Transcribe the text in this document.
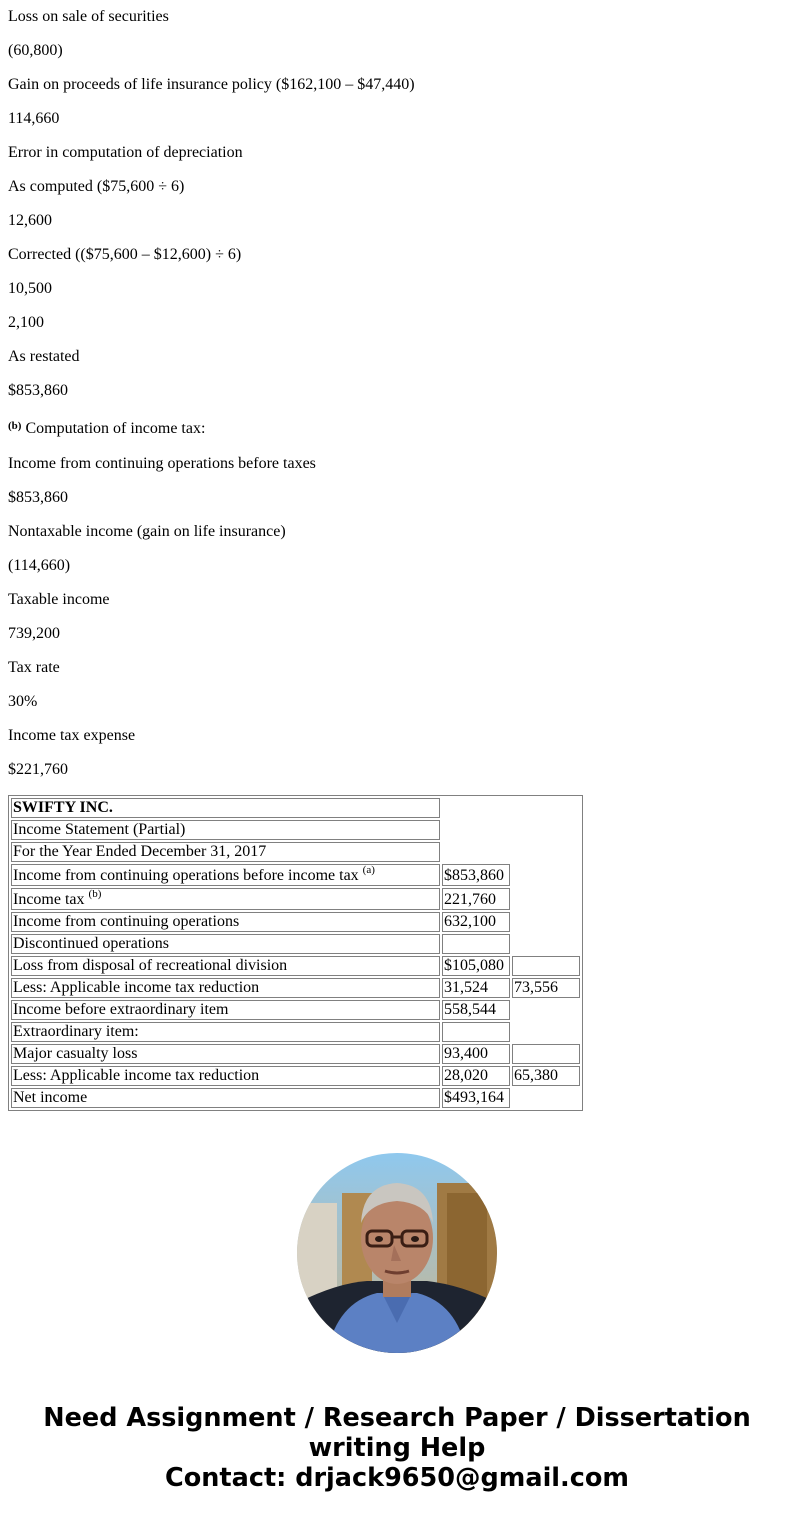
Loss on sale of securities
(60,800)
Gain on proceeds of life insurance policy ($162,100 – $47,440)
114,660
Error in computation of depreciation
As computed ($75,600 ÷ 6)
12,600
Corrected (($75,600 – $12,600) ÷ 6)
10,500
2,100
As restated
$853,860
$^{(b)}$ Computation of income tax:
Income from continuing operations before taxes
$853,860
Nontaxable income (gain on life insurance)
(114,660)
Taxable income
739,200
Tax rate
30%
Income tax expense
$221,760
SWIFTY INC.		
Income Statement (Partial)		
For the Year Ended December 31, 2017		
Income from continuing operations before income tax $^{(a)}$	$853,860	
Income tax $^{(b)}$	221,760	
Income from continuing operations	632,100	
Discontinued operations		
Loss from disposal of recreational division	$105,080	
Less: Applicable income tax reduction	31,524	73,556
Income before extraordinary item	558,544	
Extraordinary item:		
Major casualty loss	93,400	
Less: Applicable income tax reduction	28,020	65,380
Net income	$493,164	
Need Assignment / Research Paper / Dissertation
writing Help
Contact: drjack9650@gmail.com
